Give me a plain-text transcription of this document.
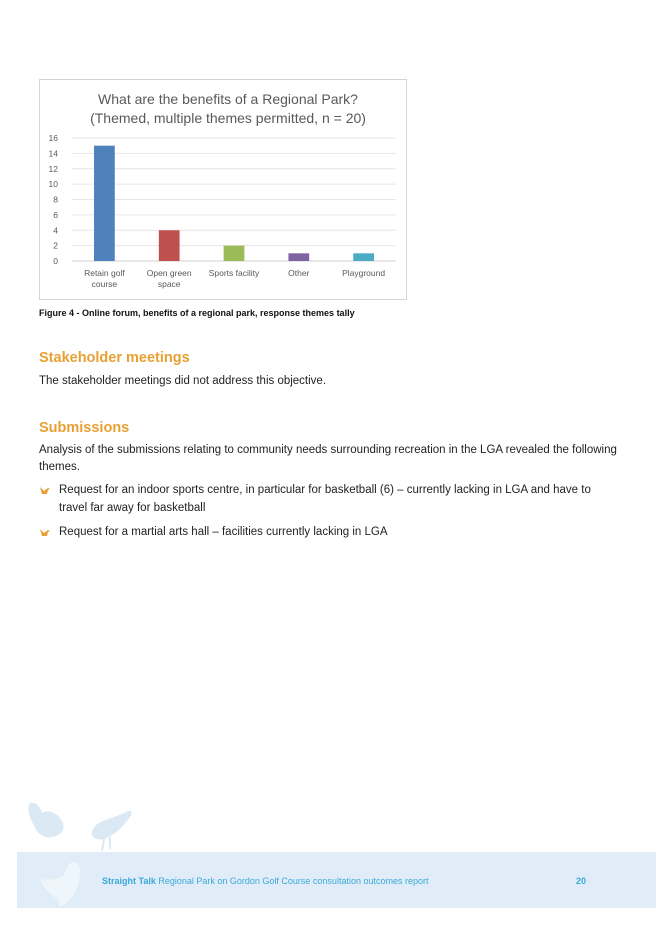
What are the benefits of a Regional Park?
(Themed, multiple themes permitted, n = 20)
0
2
4
6
8
10
12
14
16
Retain golf
course
Open green
space
Sports facility	Other	Playground
Figure 4 - Online forum, benefits of a regional park, response themes tally
Stakeholder meetings

The stakeholder meetings did not address this objective.

Submissions

Analysis of the submissions relating to community needs surrounding recreation in the LGA revealed the following themes.

Request for an indoor sports centre, in particular for basketball (6) – currently lacking in LGA and have to travel far away for basketball
Request for a martial arts hall – facilities currently lacking in LGA
Straight Talk Regional Park on Gordon Golf Course consultation outcomes report	20
